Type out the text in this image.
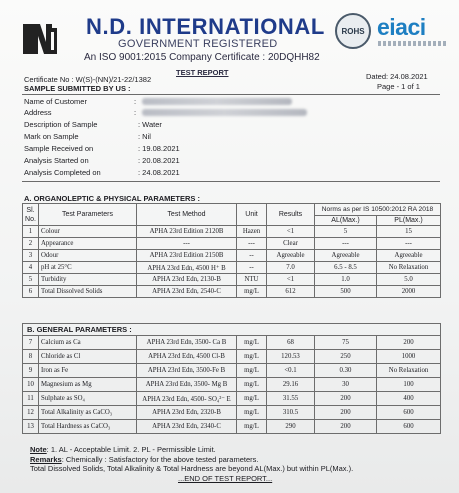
N.D. INTERNATIONAL
GOVERNMENT REGISTERED
An ISO 9001:2015 Company Certificate : 20DQHH82
ROHS eiaci
TEST REPORT
Certificate No : W(S)-(NN)/21-22/1382	Dated: 24.08.2021
Page - 1 of 1
SAMPLE SUBMITTED BY US :
Name of Customer	:
Address	:
Description of Sample	: Water
Mark on Sample	: Nil
Sample Received on	: 19.08.2021
Analysis Started on	: 20.08.2021
Analysis Completed on	: 24.08.2021
A. ORGANOLEPTIC & PHYSICAL PARAMETERS :
Sl. No.	Test Parameters	Test Method	Unit	Results	Norms as per IS 10500:2012 RA 2018	
					AL(Max.)	PL(Max.)
1	Colour	APHA 23rd Edition 2120B	Hazen	<1	5	15
2	Appearance	---	---	Clear	---	---
3	Odour	APHA 23rd Edition 2150B	--	Agreeable	Agreeable	Agreeable
4	pH at 25°C	APHA 23rd Edn, 4500 H⁺ B	--	7.0	6.5 - 8.5	No Relaxation
5	Turbidity	APHA 23rd Edn, 2130-B	NTU	<1	1.0	5.0
6	Total Dissolved Solids	APHA 23rd Edn, 2540-C	mg/L	612	500	2000
B. GENERAL PARAMETERS :						
7	Calcium as Ca	APHA 23rd Edn, 3500- Ca B	mg/L	68	75	200
8	Chloride as Cl	APHA 23rd Edn, 4500 Cl-B	mg/L	120.53	250	1000
9	Iron as Fe	APHA 23rd Edn, 3500-Fe B	mg/L	<0.1	0.30	No Relaxation
10	Magnesium as Mg	APHA 23rd Edn, 3500- Mg B	mg/L	29.16	30	100
11	Sulphate as SO₄	APHA 23rd Edn, 4500- SO₄²⁻ E	mg/L	31.55	200	400
12	Total Alkalinity as CaCO₃	APHA 23rd Edn, 2320-B	mg/L	310.5	200	600
13	Total Hardness as CaCO₃	APHA 23rd Edn, 2340-C	mg/L	290	200	600
Note: 1. AL - Acceptable Limit. 2. PL - Permissible Limit.
Remarks: Chemically : Satisfactory for the above tested parameters.
Total Dissolved Solids, Total Alkalinity & Total Hardness are beyond AL(Max.) but within PL(Max.).
...END OF TEST REPORT...
